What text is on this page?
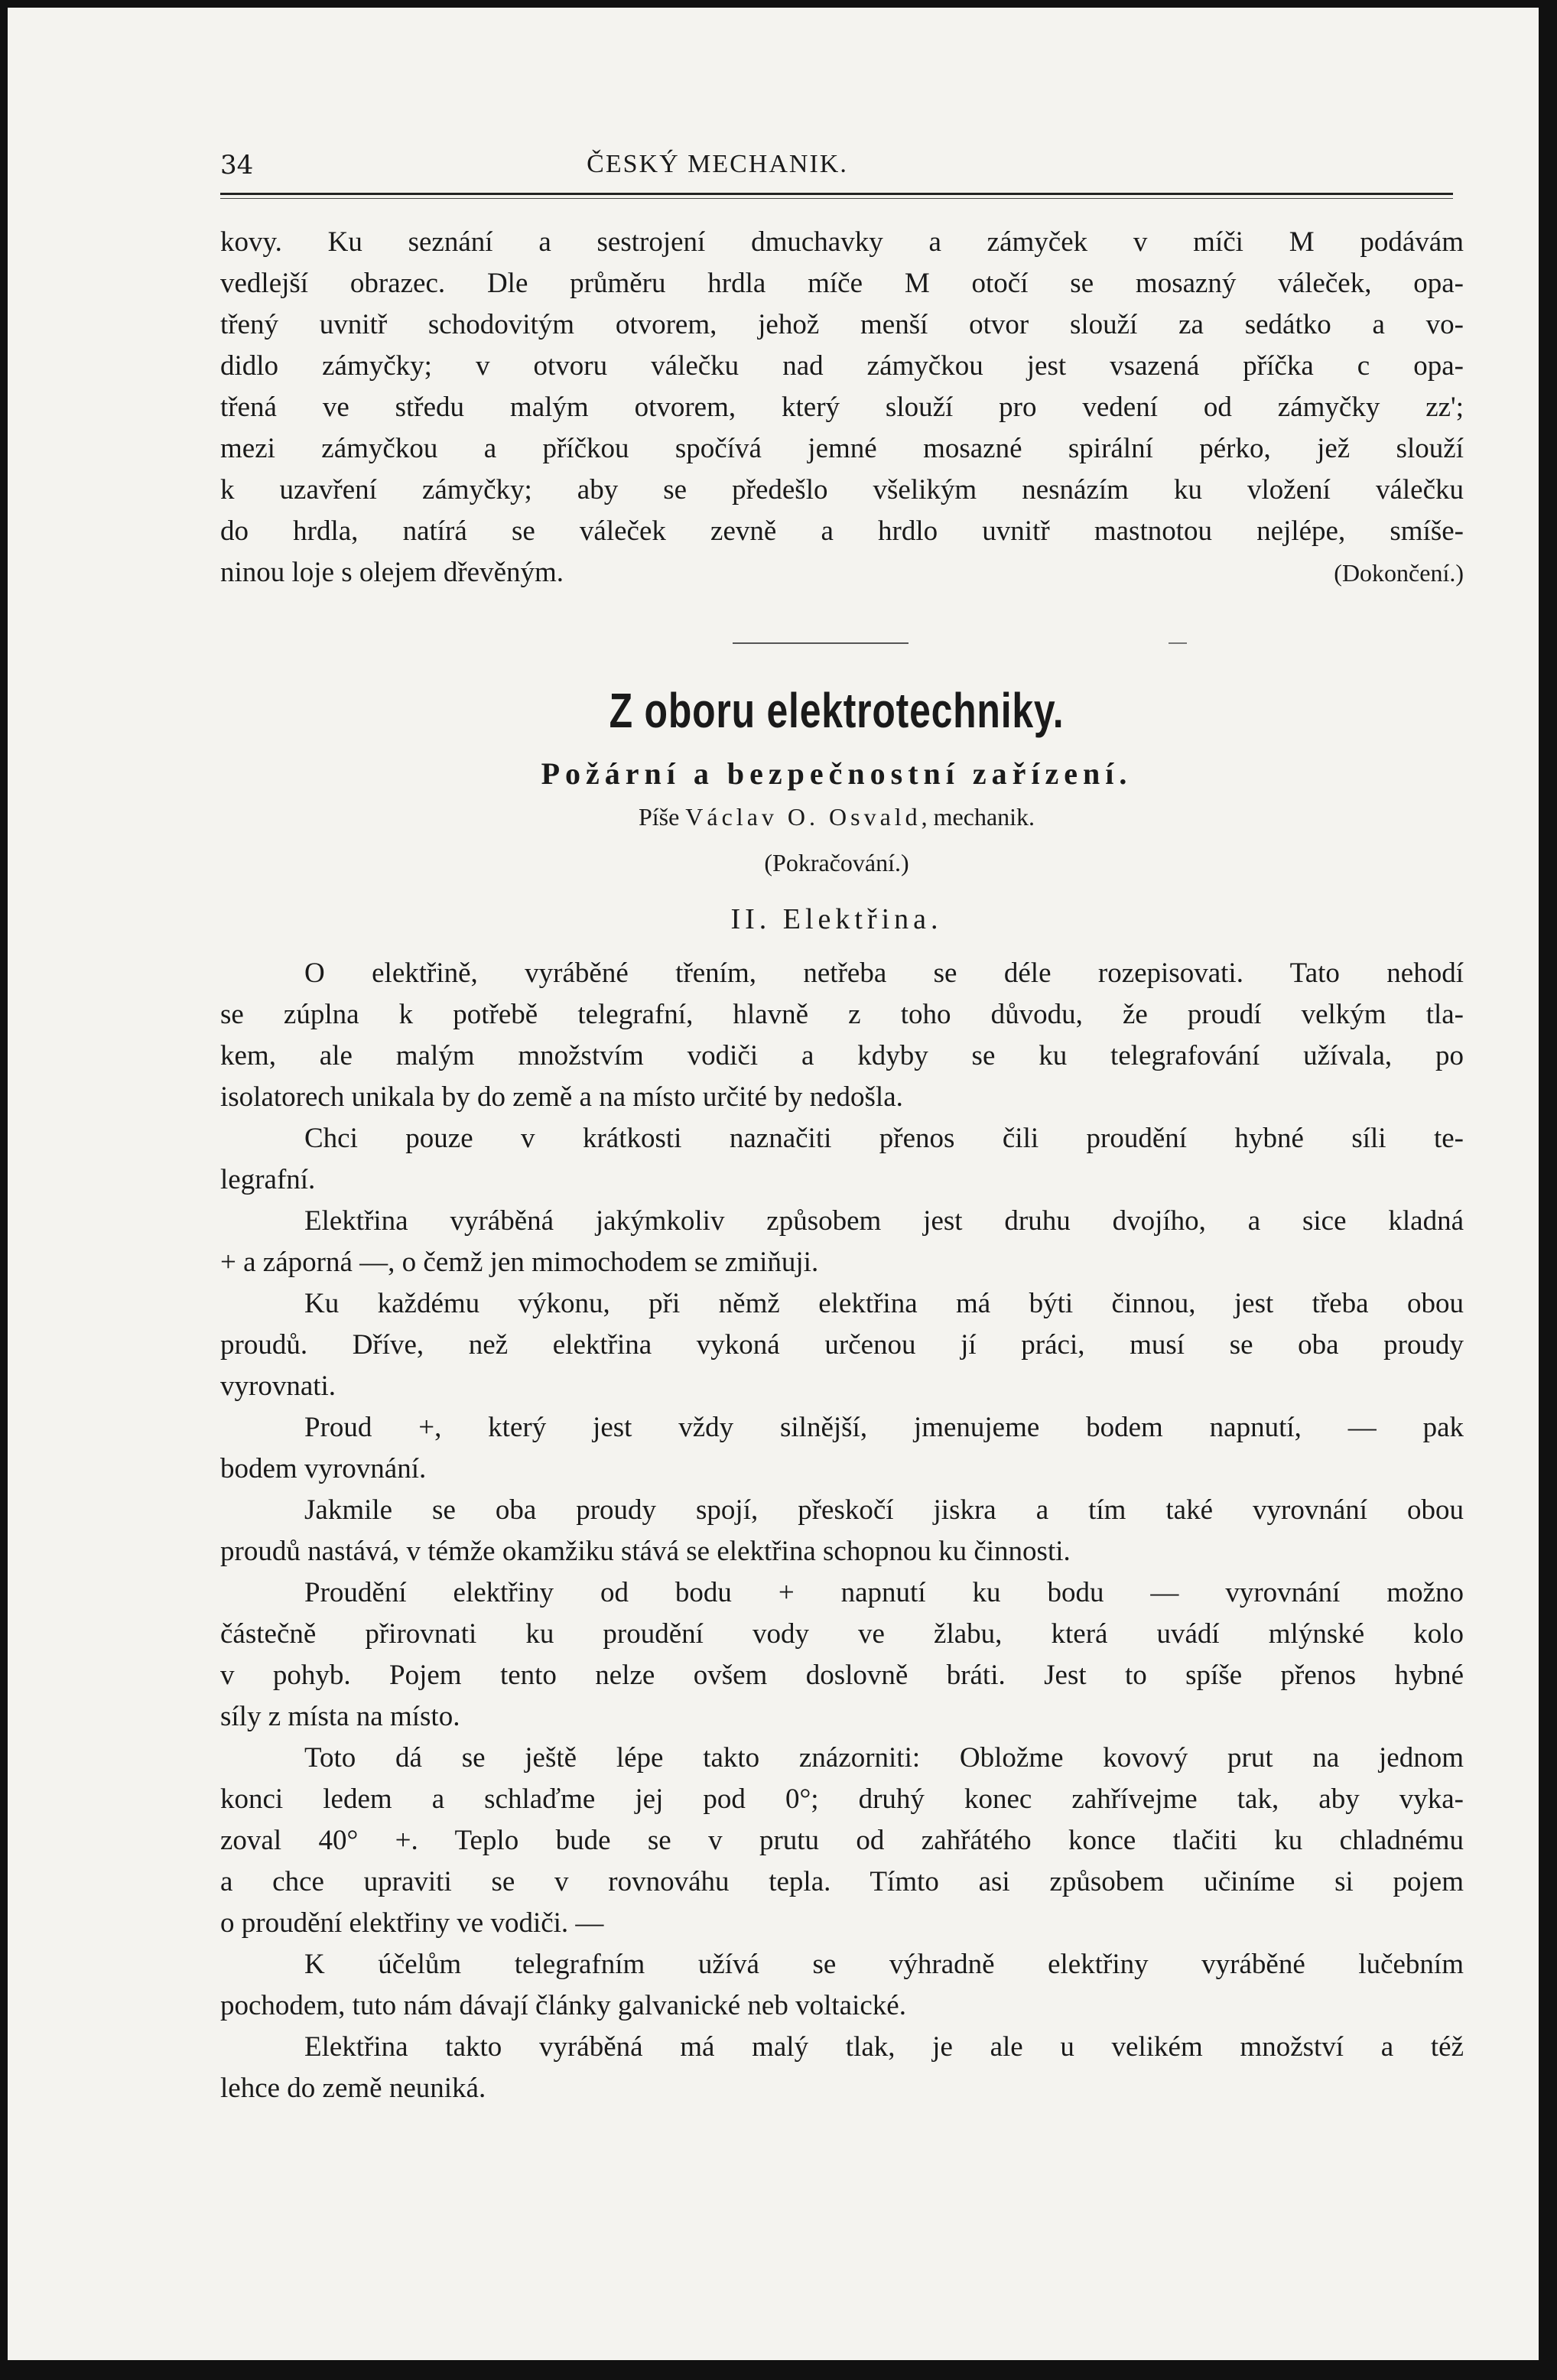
34	ČESKÝ MECHANIK.
kovy. Ku seznání a sestrojení dmuchavky a zámyček v míči M podávám
vedlejší obrazec. Dle průměru hrdla míče M otočí se mosazný váleček, opa-
třený uvnitř schodovitým otvorem, jehož menší otvor slouží za sedátko a vo-
didlo zámyčky; v otvoru válečku nad zámyčkou jest vsazená příčka c opa-
třená ve středu malým otvorem, který slouží pro vedení od zámyčky zz';
mezi zámyčkou a příčkou spočívá jemné mosazné spirální pérko, jež slouží
k uzavření zámyčky; aby se předešlo všelikým nesnázím ku vložení válečku
do hrdla, natírá se váleček zevně a hrdlo uvnitř mastnotou nejlépe, smíše-
ninou loje s olejem dřevěným.	(Dokončení.)
Z oboru elektrotechniky.
Požární a bezpečnostní zařízení.
Píše Václav O. Osvald, mechanik.
(Pokračování.)
II. Elektřina.
O elektřině, vyráběné třením, netřeba se déle rozepisovati. Tato nehodí
se zúplna k potřebě telegrafní, hlavně z toho důvodu, že proudí velkým tla-
kem, ale malým množstvím vodiči a kdyby se ku telegrafování užívala, po
isolatorech unikala by do země a na místo určité by nedošla.
Chci pouze v krátkosti naznačiti přenos čili proudění hybné síli te-
legrafní.
Elektřina vyráběná jakýmkoliv způsobem jest druhu dvojího, a sice kladná
+ a záporná —, o čemž jen mimochodem se zmiňuji.
Ku každému výkonu, při němž elektřina má býti činnou, jest třeba obou
proudů. Dříve, než elektřina vykoná určenou jí práci, musí se oba proudy
vyrovnati.
Proud +, který jest vždy silnější, jmenujeme bodem napnutí, — pak
bodem vyrovnání.
Jakmile se oba proudy spojí, přeskočí jiskra a tím také vyrovnání obou
proudů nastává, v témže okamžiku stává se elektřina schopnou ku činnosti.
Proudění elektřiny od bodu + napnutí ku bodu — vyrovnání možno
částečně přirovnati ku proudění vody ve žlabu, která uvádí mlýnské kolo
v pohyb. Pojem tento nelze ovšem doslovně bráti. Jest to spíše přenos hybné
síly z místa na místo.
Toto dá se ještě lépe takto znázorniti: Obložme kovový prut na jednom
konci ledem a schlaďme jej pod 0°; druhý konec zahřívejme tak, aby vyka-
zoval 40° +. Teplo bude se v prutu od zahřátého konce tlačiti ku chladnému
a chce upraviti se v rovnováhu tepla. Tímto asi způsobem učiníme si pojem
o proudění elektřiny ve vodiči. —
K účelům telegrafním užívá se výhradně elektřiny vyráběné lučebním
pochodem, tuto nám dávají články galvanické neb voltaické.
Elektřina takto vyráběná má malý tlak, je ale u velikém množství a též
lehce do země neuniká.
